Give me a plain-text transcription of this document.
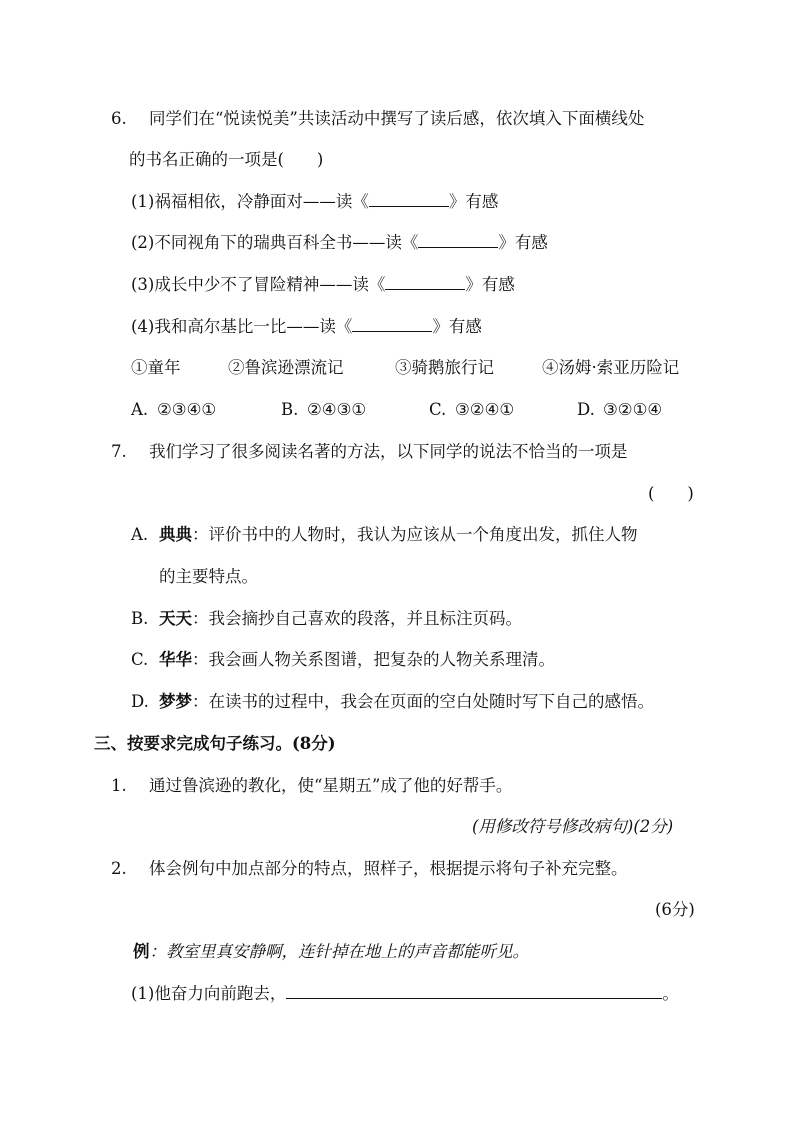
6. 同学们在“悦读悦美”共读活动中撰写了读后感，依次填入下面横线处
的书名正确的一项是(　　)
(1)祸福相依，冷静面对——读《	》有感
(2)不同视角下的瑞典百科全书——读《	》有感
(3)成长中少不了冒险精神——读《	》有感
(4)我和高尔基比一比——读《	》有感
①童年	②鲁滨逊漂流记	③骑鹅旅行记	④汤姆·索亚历险记
A. ②③④①	B. ②④③①	C. ③②④①	D. ③②①④
7. 我们学习了很多阅读名著的方法，以下同学的说法不恰当的一项是
(　　)
A. 典典：评价书中的人物时，我认为应该从一个角度出发，抓住人物
的主要特点。
B. 天天：我会摘抄自己喜欢的段落，并且标注页码。
C. 华华：我会画人物关系图谱，把复杂的人物关系理清。
D. 梦梦：在读书的过程中，我会在页面的空白处随时写下自己的感悟。
三、按要求完成句子练习。(8分)
1. 通过鲁滨逊的教化，使“星期五”成了他的好帮手。
(用修改符号修改病句)(2分)
2. 体会例句中加点部分的特点，照样子，根据提示将句子补充完整。
(6分)
例：教室里真安静啊，连针掉在地上的声音都能听见。
(1)他奋力向前跑去，	。
